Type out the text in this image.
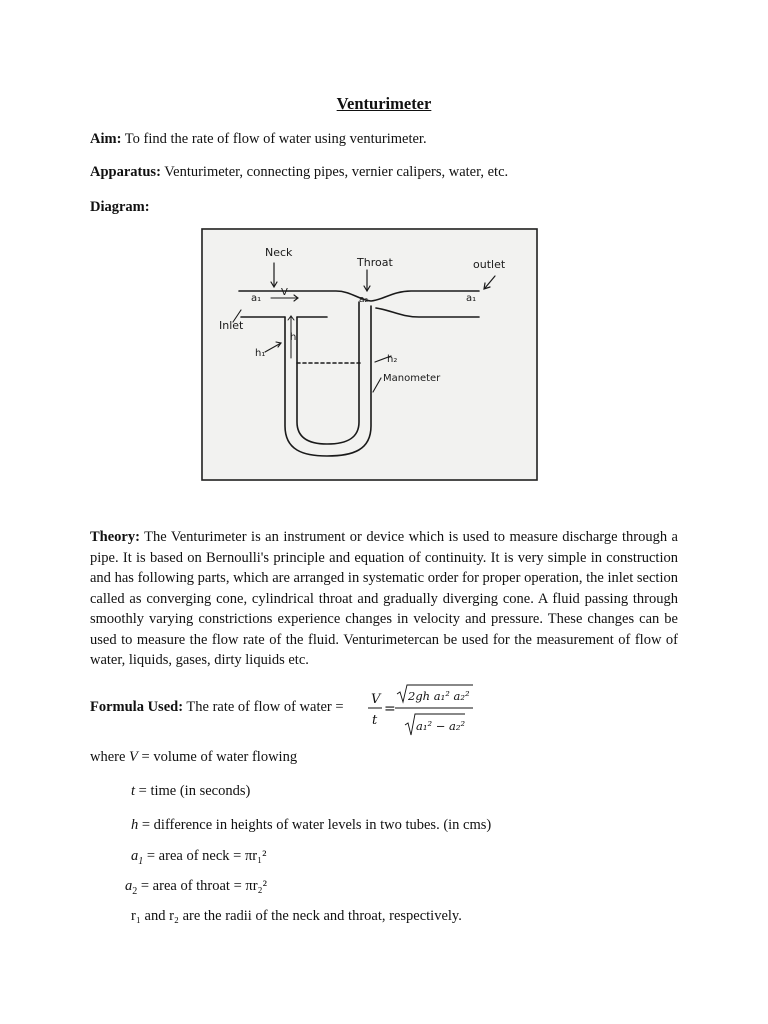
Venturimeter
Aim: To find the rate of flow of water using venturimeter.
Apparatus: Venturimeter, connecting pipes, vernier calipers, water, etc.
Diagram:
Neck
Throat	outlet
Inlet
a₁
V
a₂	a₁
h
h₁
h₂
Manometer
Theory: The Venturimeter is an instrument or device which is used to measure discharge through a pipe. It is based on Bernoulli's principle and equation of continuity. It is very simple in construction and has following parts, which are arranged in systematic order for proper operation, the inlet section called as converging cone, cylindrical throat and gradually diverging cone. A fluid passing through smoothly varying constrictions experience changes in velocity and pressure. These changes can be used to measure the flow rate of the fluid. Venturimetercan be used for the measurement of flow of water, liquids, gases, dirty liquids etc.
Formula Used: The rate of flow of water = V
t
=
2gh a₁² a₂²
a₁² − a₂²
where V = volume of water flowing
t = time (in seconds)
h = difference in heights of water levels in two tubes. (in cms)
$a_1$ = area of neck = πr₁²
$a_2$ = area of throat = πr₂²
r₁ and r₂ are the radii of the neck and throat, respectively.
